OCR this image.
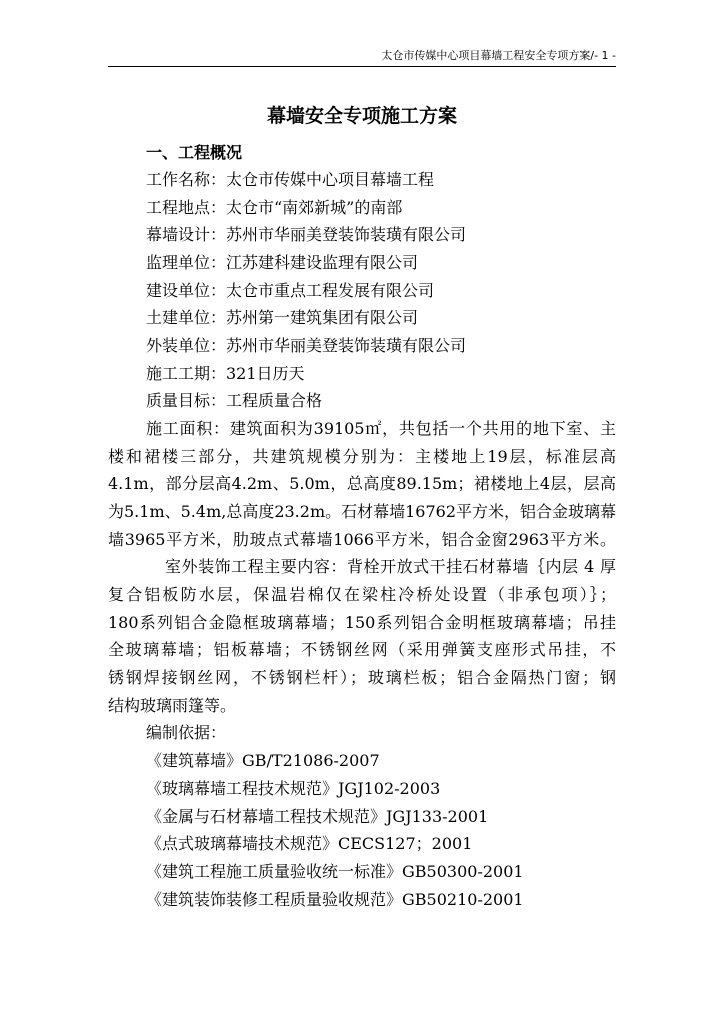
太仓市传媒中心项目幕墙工程安全专项方案/- 1 -
幕墙安全专项施工方案
一、工程概况
工作名称：太仓市传媒中心项目幕墙工程
工程地点：太仓市“南郊新城”的南部
幕墙设计：苏州市华丽美登装饰装璜有限公司
监理单位：江苏建科建设监理有限公司
建设单位：太仓市重点工程发展有限公司
土建单位：苏州第一建筑集团有限公司
外装单位：苏州市华丽美登装饰装璜有限公司
施工工期：321日历天
质量目标：工程质量合格
施工面积：建筑面积为39105㎡，共包括一个共用的地下室、主
楼和裙楼三部分，共建筑规模分别为：主楼地上19层，标准层高
4.1m，部分层高4.2m、5.0m，总高度89.15m；裙楼地上4层，层高
为5.1m、5.4m,总高度23.2m。石材幕墙16762平方米，铝合金玻璃幕
墙3965平方米，肋玻点式幕墙1066平方米，铝合金窗2963平方米。
室外装饰工程主要内容：背栓开放式干挂石材幕墙｛内层 4 厚
复合铝板防水层，保温岩棉仅在梁柱冷桥处设置（非承包项）｝；
180系列铝合金隐框玻璃幕墙；150系列铝合金明框玻璃幕墙；吊挂
全玻璃幕墙；铝板幕墙；不锈钢丝网（采用弹簧支座形式吊挂，不
锈钢焊接钢丝网，不锈钢栏杆）；玻璃栏板；铝合金隔热门窗；钢
结构玻璃雨篷等。
编制依据：
《建筑幕墙》GB/T21086-2007
《玻璃幕墙工程技术规范》JGJ102-2003
《金属与石材幕墙工程技术规范》JGJ133-2001
《点式玻璃幕墙技术规范》CECS127；2001
《建筑工程施工质量验收统一标准》GB50300-2001
《建筑装饰装修工程质量验收规范》GB50210-2001
